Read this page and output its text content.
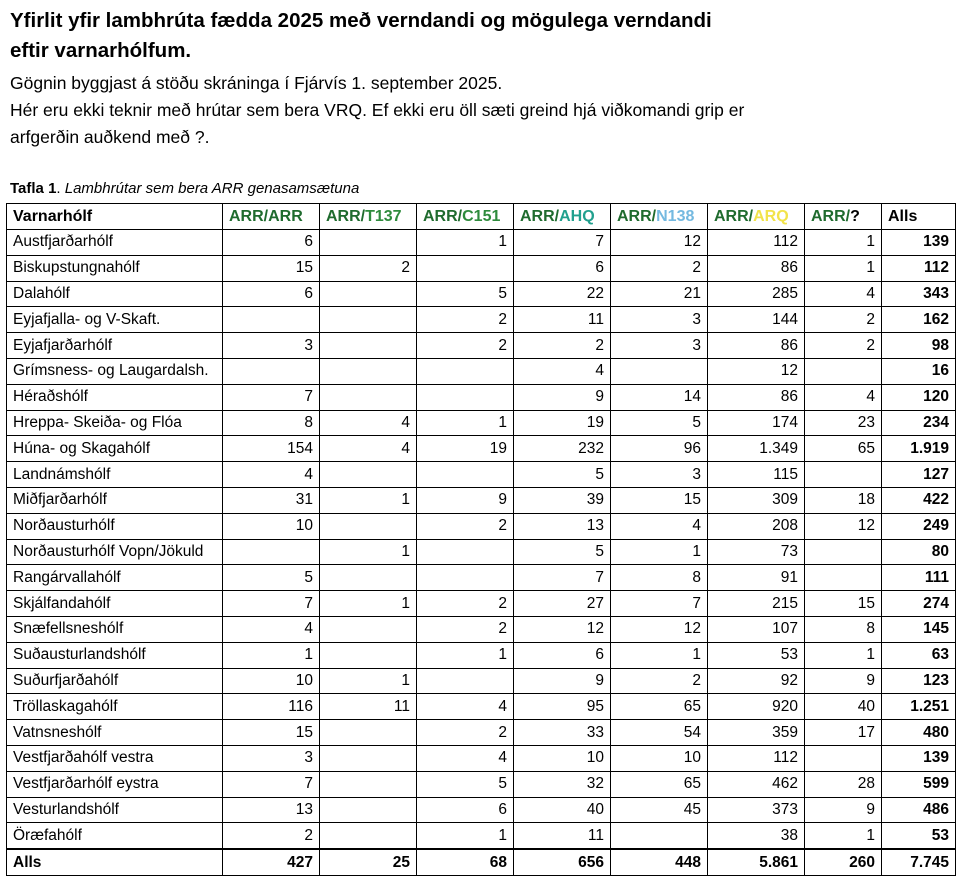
Yfirlit yfir lambhrúta fædda 2025 með verndandi og mögulega verndandi
eftir varnarhólfum.
Gögnin byggjast á stöðu skráninga í Fjárvís 1. september 2025.
Hér eru ekki teknir með hrútar sem bera VRQ. Ef ekki eru öll sæti greind hjá viðkomandi grip er
arfgerðin auðkend með ?.
Tafla 1. Lambhrútar sem bera ARR genasamsætuna
Varnarhólf	ARR/ARR	ARR/T137	ARR/C151	ARR/AHQ	ARR/N138	ARR/ARQ	ARR/?	Alls
Austfjarðarhólf	6		1	7	12	112	1	139
Biskupstungnahólf	15	2		6	2	86	1	112
Dalahólf	6		5	22	21	285	4	343
Eyjafjalla- og V-Skaft.			2	11	3	144	2	162
Eyjafjarðarhólf	3		2	2	3	86	2	98
Grímsness- og Laugardalsh.				4		12		16
Héraðshólf	7			9	14	86	4	120
Hreppa- Skeiða- og Flóa	8	4	1	19	5	174	23	234
Húna- og Skagahólf	154	4	19	232	96	1.349	65	1.919
Landnámshólf	4			5	3	115		127
Miðfjarðarhólf	31	1	9	39	15	309	18	422
Norðausturhólf	10		2	13	4	208	12	249
Norðausturhólf Vopn/Jökuld		1		5	1	73		80
Rangárvallahólf	5			7	8	91		111
Skjálfandahólf	7	1	2	27	7	215	15	274
Snæfellsneshólf	4		2	12	12	107	8	145
Suðausturlandshólf	1		1	6	1	53	1	63
Suðurfjarðahólf	10	1		9	2	92	9	123
Tröllaskagahólf	116	11	4	95	65	920	40	1.251
Vatnsneshólf	15		2	33	54	359	17	480
Vestfjarðahólf vestra	3		4	10	10	112		139
Vestfjarðarhólf eystra	7		5	32	65	462	28	599
Vesturlandshólf	13		6	40	45	373	9	486
Öræfahólf	2		1	11		38	1	53
Alls	427	25	68	656	448	5.861	260	7.745
